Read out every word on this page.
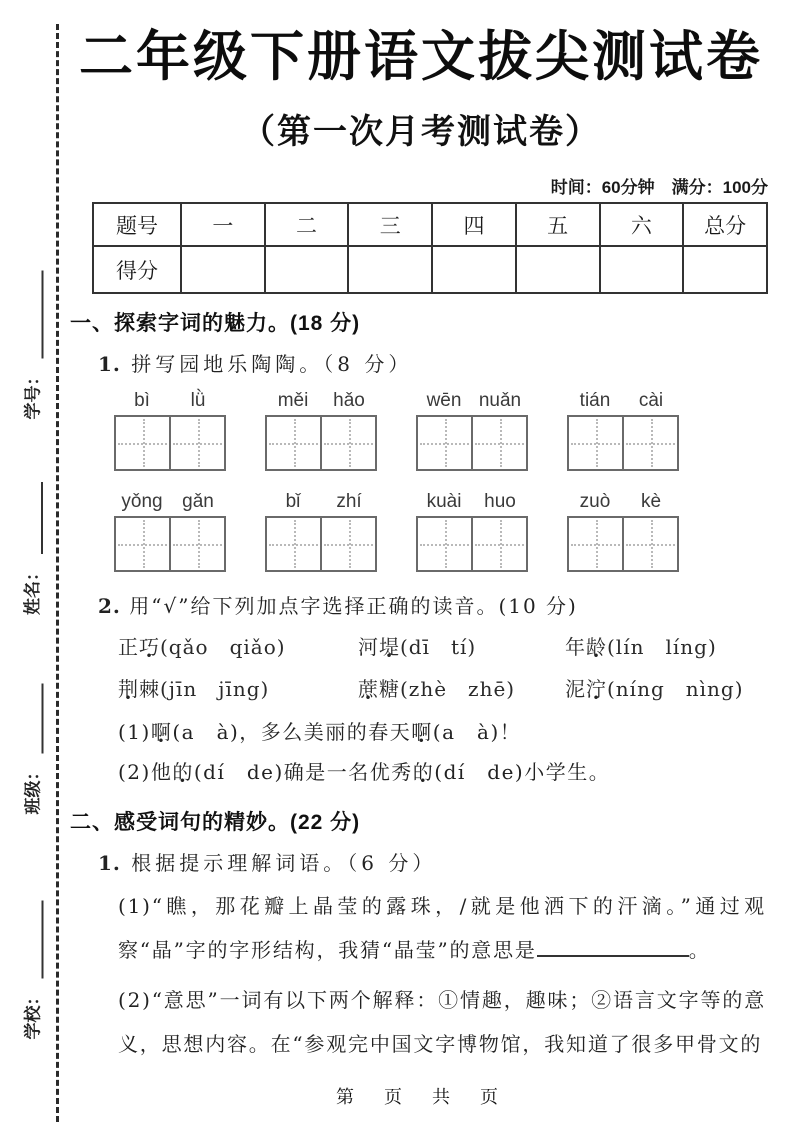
学号：
姓名：
班级：
学校：
二年级下册语文拔尖测试卷
（第一次月考测试卷）
时间：60分钟　满分：100分
题号	一	二	三	四	五	六	总分
得分							
一、探索字词的魅力。(18 分)
1. 拼写园地乐陶陶。（8 分）
bì	lǜ	měi	hǎo	wēn nuǎn	tián	cài
yǒng	gǎn	bǐ	zhí	kuài	huo	zuò	kè
2. 用“√”给下列加点字选择正确的读音。(10 分)
正巧(qǎo　qiǎo)	河堤(dī　tí)	年龄(lín　líng)
荆棘(jīn　jīng)	蔗糖(zhè　zhē)	泥泞(níng　nìng)
(1)啊 •(a　à)，多么美丽的春天啊 •(a　à)！
(2)他的 •(dí　de)确是一名优秀的 •(dí　de)小学生。
二、感受词句的精妙。(22 分)
1. 根据提示理解词语。（6 分）
(1)“瞧，那花瓣上晶莹的露珠，/就是他洒下的汗滴。”通过观察“晶”字的字形结构，我猜“晶莹”的意思是	。
(2)“意思”一词有以下两个解释：①情趣，趣味；②语言文字等的意义，思想内容。在“参观完中国文字博物馆，我知道了很多甲骨文的
第　页　共　页
